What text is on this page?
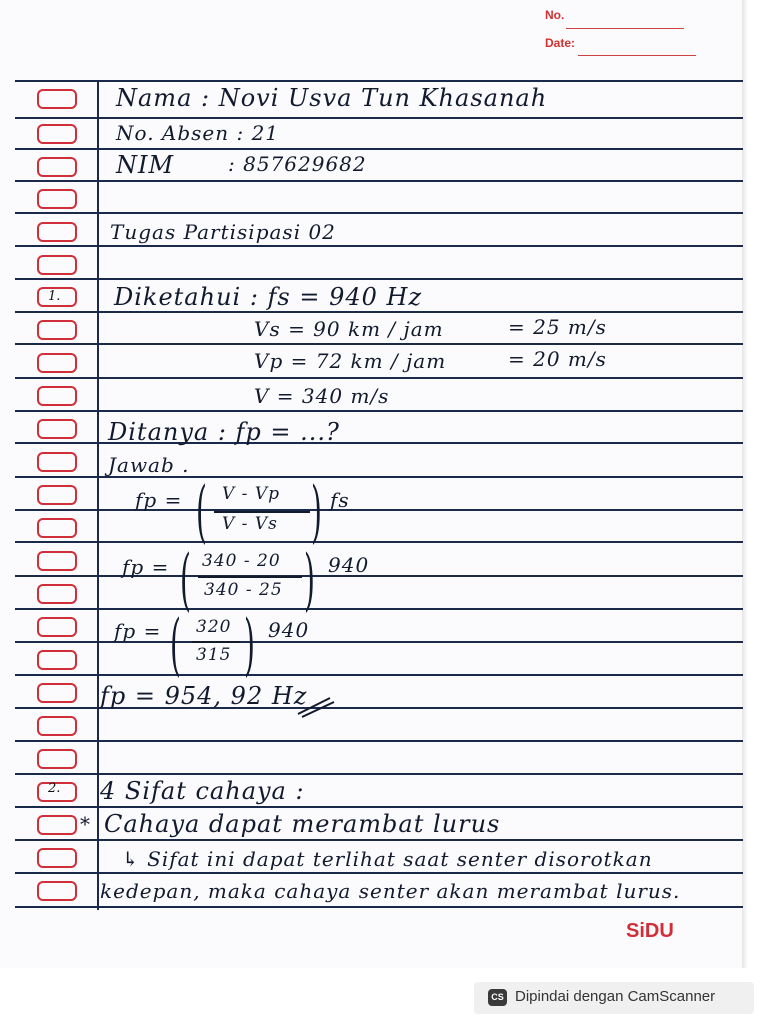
No.
Date:
1.
2.
Nama : Novi Usva Tun Khasanah
No. Absen : 21
NIM	: 857629682
Tugas Partisipasi 02
Diketahui : fs = 940 Hz
Vs = 90 km / jam	= 25 m/s
Vp = 72 km / jam	= 20 m/s
V = 340 m/s
Ditanya : fp = ...?
Jawab .
fp = ( V - Vp
V - Vs ) fs
fp = ( 340 - 20
340 - 25 ) 940
fp = ( 320
315 ) 940
fp = 954, 92 Hz
4 Sifat cahaya :
* Cahaya dapat merambat lurus
↳ Sifat ini dapat terlihat saat senter disorotkan
kedepan, maka cahaya senter akan merambat lurus.
SiDU
CS Dipindai dengan CamScanner
